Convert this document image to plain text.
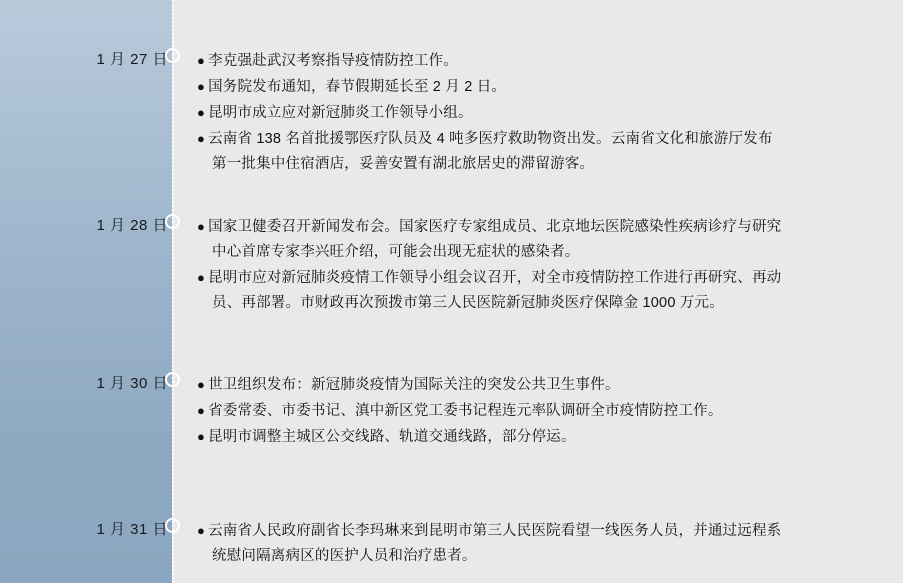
1 月 27 日 ● 李克强赴武汉考察指导疫情防控工作。
● 国务院发布通知，春节假期延长至 2 月 2 日。
● 昆明市成立应对新冠肺炎工作领导小组。
● 云南省 138 名首批援鄂医疗队员及 4 吨多医疗救助物资出发。云南省文化和旅游厅发布第一批集中住宿酒店，妥善安置有湖北旅居史的滞留游客。
1 月 28 日 ● 国家卫健委召开新闻发布会。国家医疗专家组成员、北京地坛医院感染性疾病诊疗与研究中心首席专家李兴旺介绍，可能会出现无症状的感染者。
● 昆明市应对新冠肺炎疫情工作领导小组会议召开，对全市疫情防控工作进行再研究、再动员、再部署。市财政再次预拨市第三人民医院新冠肺炎医疗保障金 1000 万元。
1 月 30 日 ● 世卫组织发布：新冠肺炎疫情为国际关注的突发公共卫生事件。
● 省委常委、市委书记、滇中新区党工委书记程连元率队调研全市疫情防控工作。
● 昆明市调整主城区公交线路、轨道交通线路，部分停运。
1 月 31 日 ● 云南省人民政府副省长李玛琳来到昆明市第三人民医院看望一线医务人员，并通过远程系统慰问隔离病区的医护人员和治疗患者。
